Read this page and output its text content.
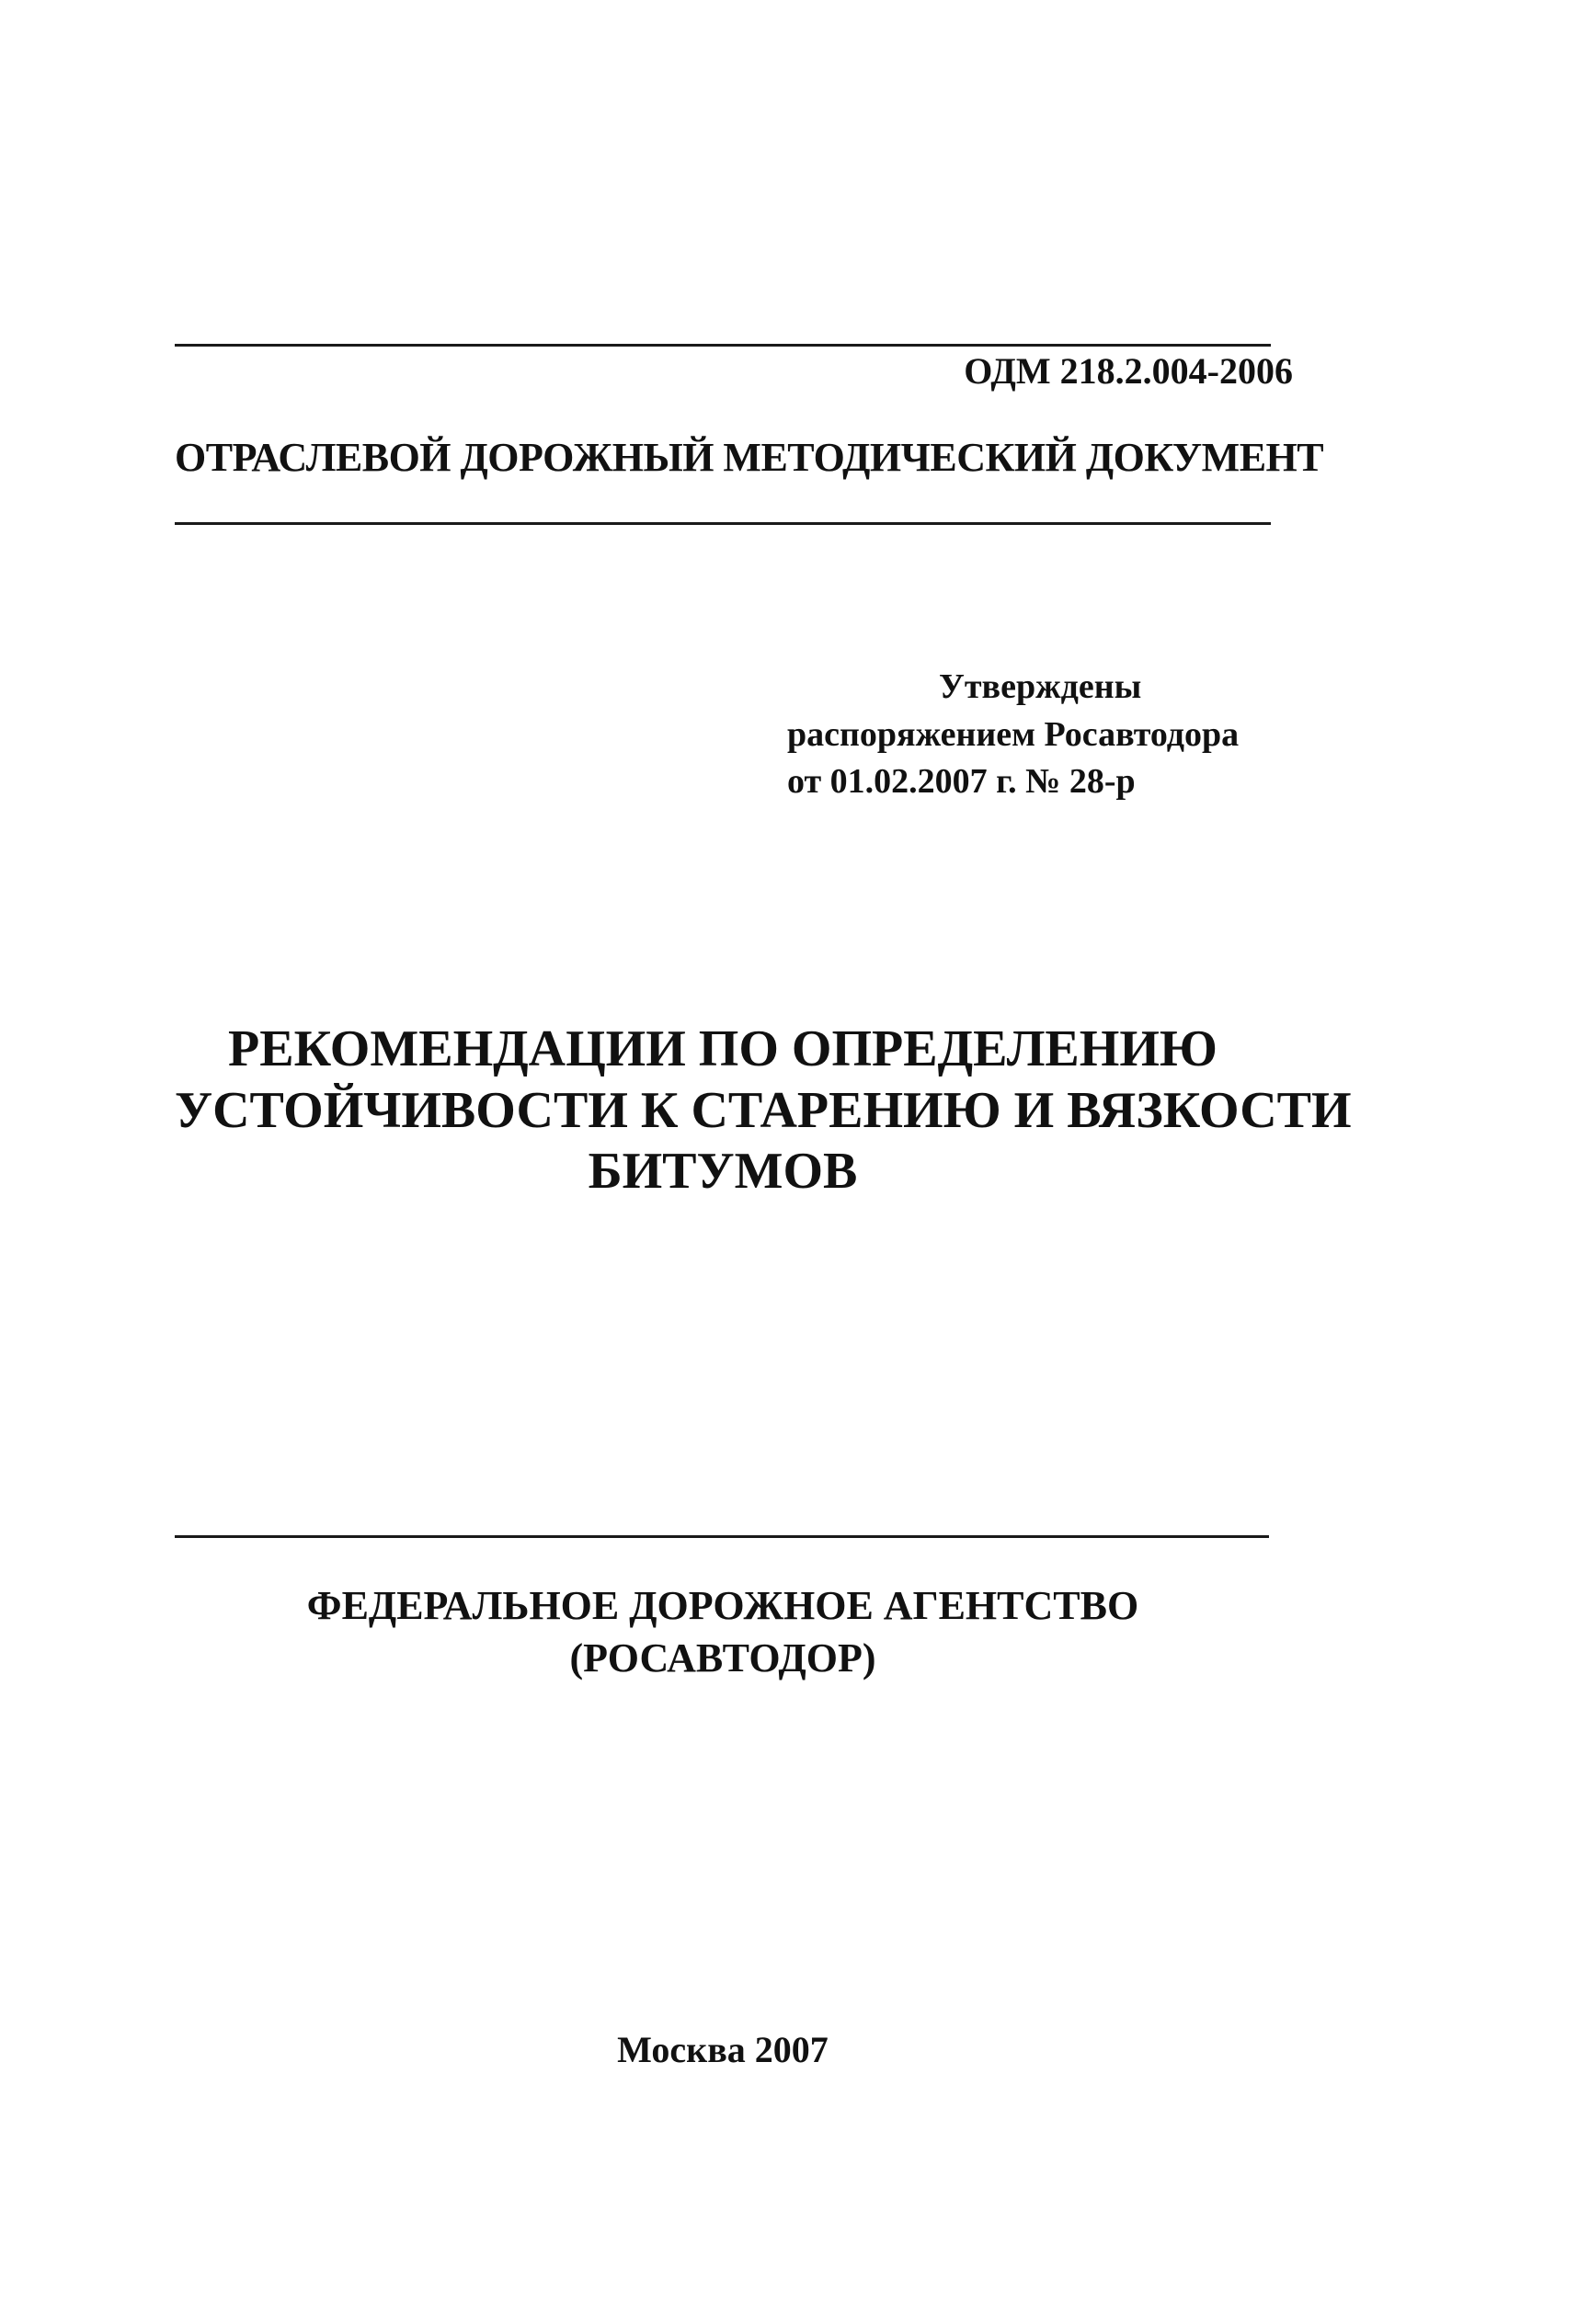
ОДМ 218.2.004-2006
ОТРАСЛЕВОЙ ДОРОЖНЫЙ МЕТОДИЧЕСКИЙ ДОКУМЕНТ
Утверждены
распоряжением Росавтодора
от 01.02.2007 г. № 28-р
РЕКОМЕНДАЦИИ ПО ОПРЕДЕЛЕНИЮ
УСТОЙЧИВОСТИ К СТАРЕНИЮ И ВЯЗКОСТИ
БИТУМОВ
ФЕДЕРАЛЬНОЕ ДОРОЖНОЕ АГЕНТСТВО
(РОСАВТОДОР)
Москва 2007
